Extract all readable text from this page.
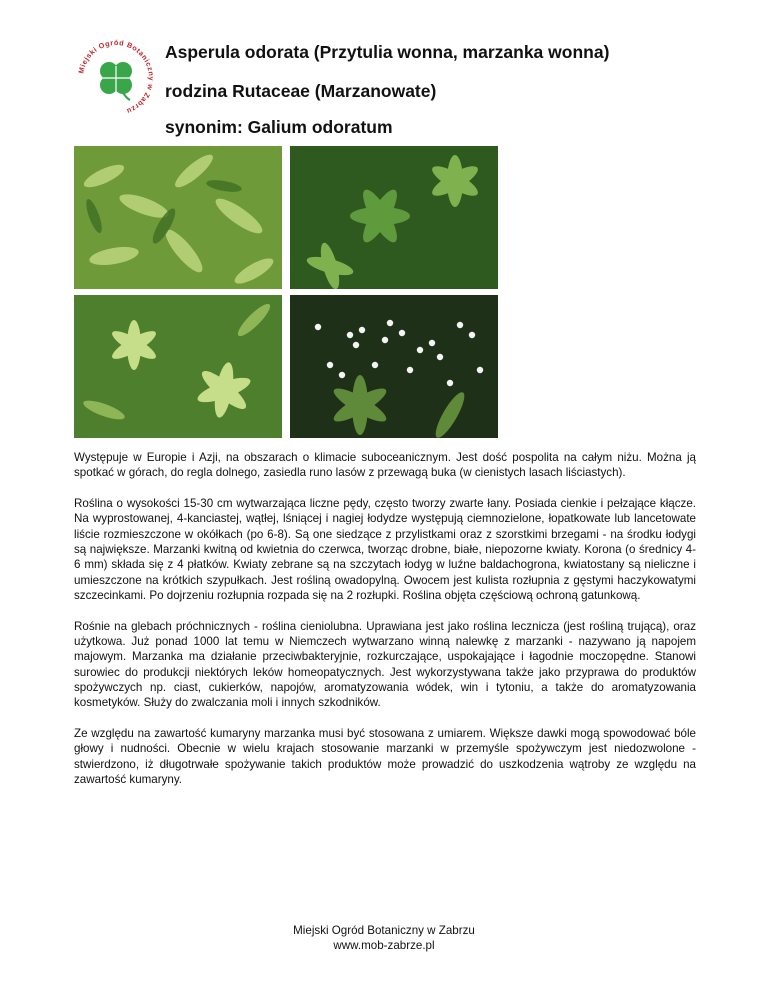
Miejski Ogród Botaniczny w Zabrzu
Asperula odorata (Przytulia wonna, marzanka wonna)
rodzina Rutaceae (Marzanowate)
synonim: Galium odoratum

Występuje w Europie i Azji, na obszarach o klimacie suboceanicznym. Jest dość pospolita na całym niżu. Można ją spotkać w górach, do regla dolnego, zasiedla runo lasów z przewagą buka (w cienistych lasach liściastych).

Roślina o wysokości 15-30 cm wytwarzająca liczne pędy, często tworzy zwarte łany. Posiada cienkie i pełzające kłącze. Na wyprostowanej, 4-kanciastej, wątłej, lśniącej i nagiej łodydze występują ciemnozielone, łopatkowate lub lancetowate liście rozmieszczone w okółkach (po 6-8). Są one siedzące z przylistkami oraz z szorstkimi brzegami - na środku łodygi są największe. Marzanki kwitną od kwietnia do czerwca, tworząc drobne, białe, niepozorne kwiaty. Korona (o średnicy 4-6 mm) składa się z 4 płatków. Kwiaty zebrane są na szczytach łodyg w luźne baldachogrona, kwiatostany są nieliczne i umieszczone na krótkich szypułkach. Jest rośliną owadopylną. Owocem jest kulista rozłupnia z gęstymi haczykowatymi szczecinkami. Po dojrzeniu rozłupnia rozpada się na 2 rozłupki. Roślina objęta częściową ochroną gatunkową.

Rośnie na glebach próchnicznych - roślina cieniolubna. Uprawiana jest jako roślina lecznicza (jest rośliną trującą), oraz użytkowa. Już ponad 1000 lat temu w Niemczech wytwarzano winną nalewkę z marzanki - nazywano ją napojem majowym. Marzanka ma działanie przeciwbakteryjnie, rozkurczające, uspokajające i łagodnie moczopędne. Stanowi surowiec do produkcji niektórych leków homeopatycznych. Jest wykorzystywana także jako przyprawa do produktów spożywczych np. ciast, cukierków, napojów, aromatyzowania wódek, win i tytoniu, a także do aromatyzowania kosmetyków. Służy do zwalczania moli i innych szkodników.

Ze względu na zawartość kumaryny marzanka musi być stosowana z umiarem. Większe dawki mogą spowodować bóle głowy i nudności. Obecnie w wielu krajach stosowanie marzanki w przemyśle spożywczym jest niedozwolone - stwierdzono, iż długotrwałe spożywanie takich produktów może prowadzić do uszkodzenia wątroby ze względu na zawartość kumaryny.

Miejski Ogród Botaniczny w Zabrzu
www.mob-zabrze.pl
